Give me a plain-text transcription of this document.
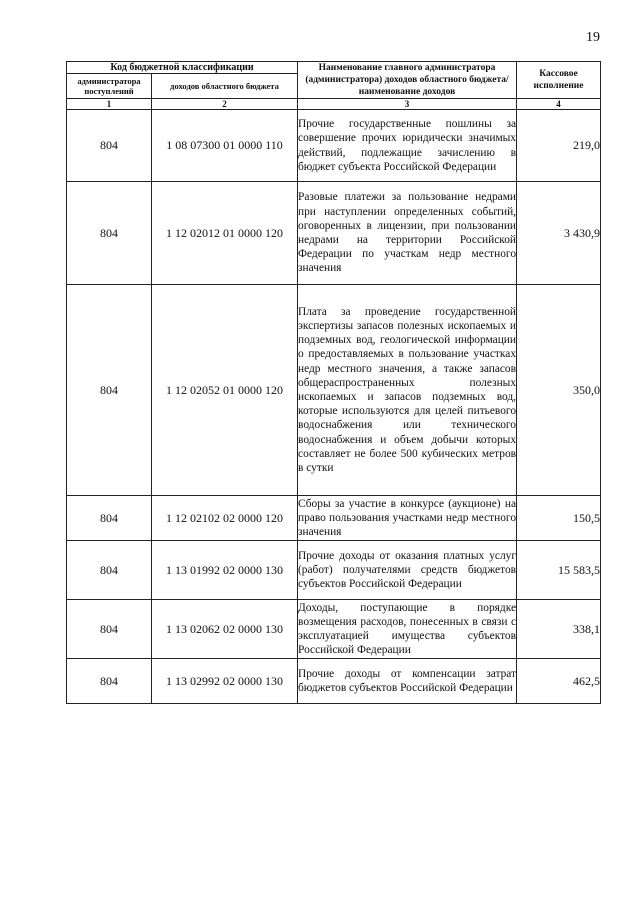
19
Код бюджетной классификации		Наименование главного администратора (администратора) доходов областного бюджета/ наименование доходов	Кассовое исполнение
администратора поступлений	доходов областного бюджета		
1	2	3	4
804	1 08 07300 01 0000 110	Прочие государственные пошлины за совершение прочих юридически значимых действий, подлежащие зачислению в бюджет субъекта Российской Федерации	219,0
804	1 12 02012 01 0000 120	Разовые платежи за пользование недрами при наступлении определенных событий, оговоренных в лицензии, при пользовании недрами на территории Российской Федерации по участкам недр местного значения	3 430,9
804	1 12 02052 01 0000 120	Плата за проведение государственной экспертизы запасов полезных ископаемых и подземных вод, геологической информации о предоставляемых в пользование участках недр местного значения, а также запасов общераспространенных полезных ископаемых и запасов подземных вод, которые используются для целей питьевого водоснабжения или технического водоснабжения и объем добычи которых составляет не более 500 кубических метров в сутки	350,0
804	1 12 02102 02 0000 120	Сборы за участие в конкурсе (аукционе) на право пользования участками недр местного значения	150,5
804	1 13 01992 02 0000 130	Прочие доходы от оказания платных услуг (работ) получателями средств бюджетов субъектов Российской Федерации	15 583,5
804	1 13 02062 02 0000 130	Доходы, поступающие в порядке возмещения расходов, понесенных в связи с эксплуатацией имущества субъектов Российской Федерации	338,1
804	1 13 02992 02 0000 130	Прочие доходы от компенсации затрат бюджетов субъектов Российской Федерации	462,5
